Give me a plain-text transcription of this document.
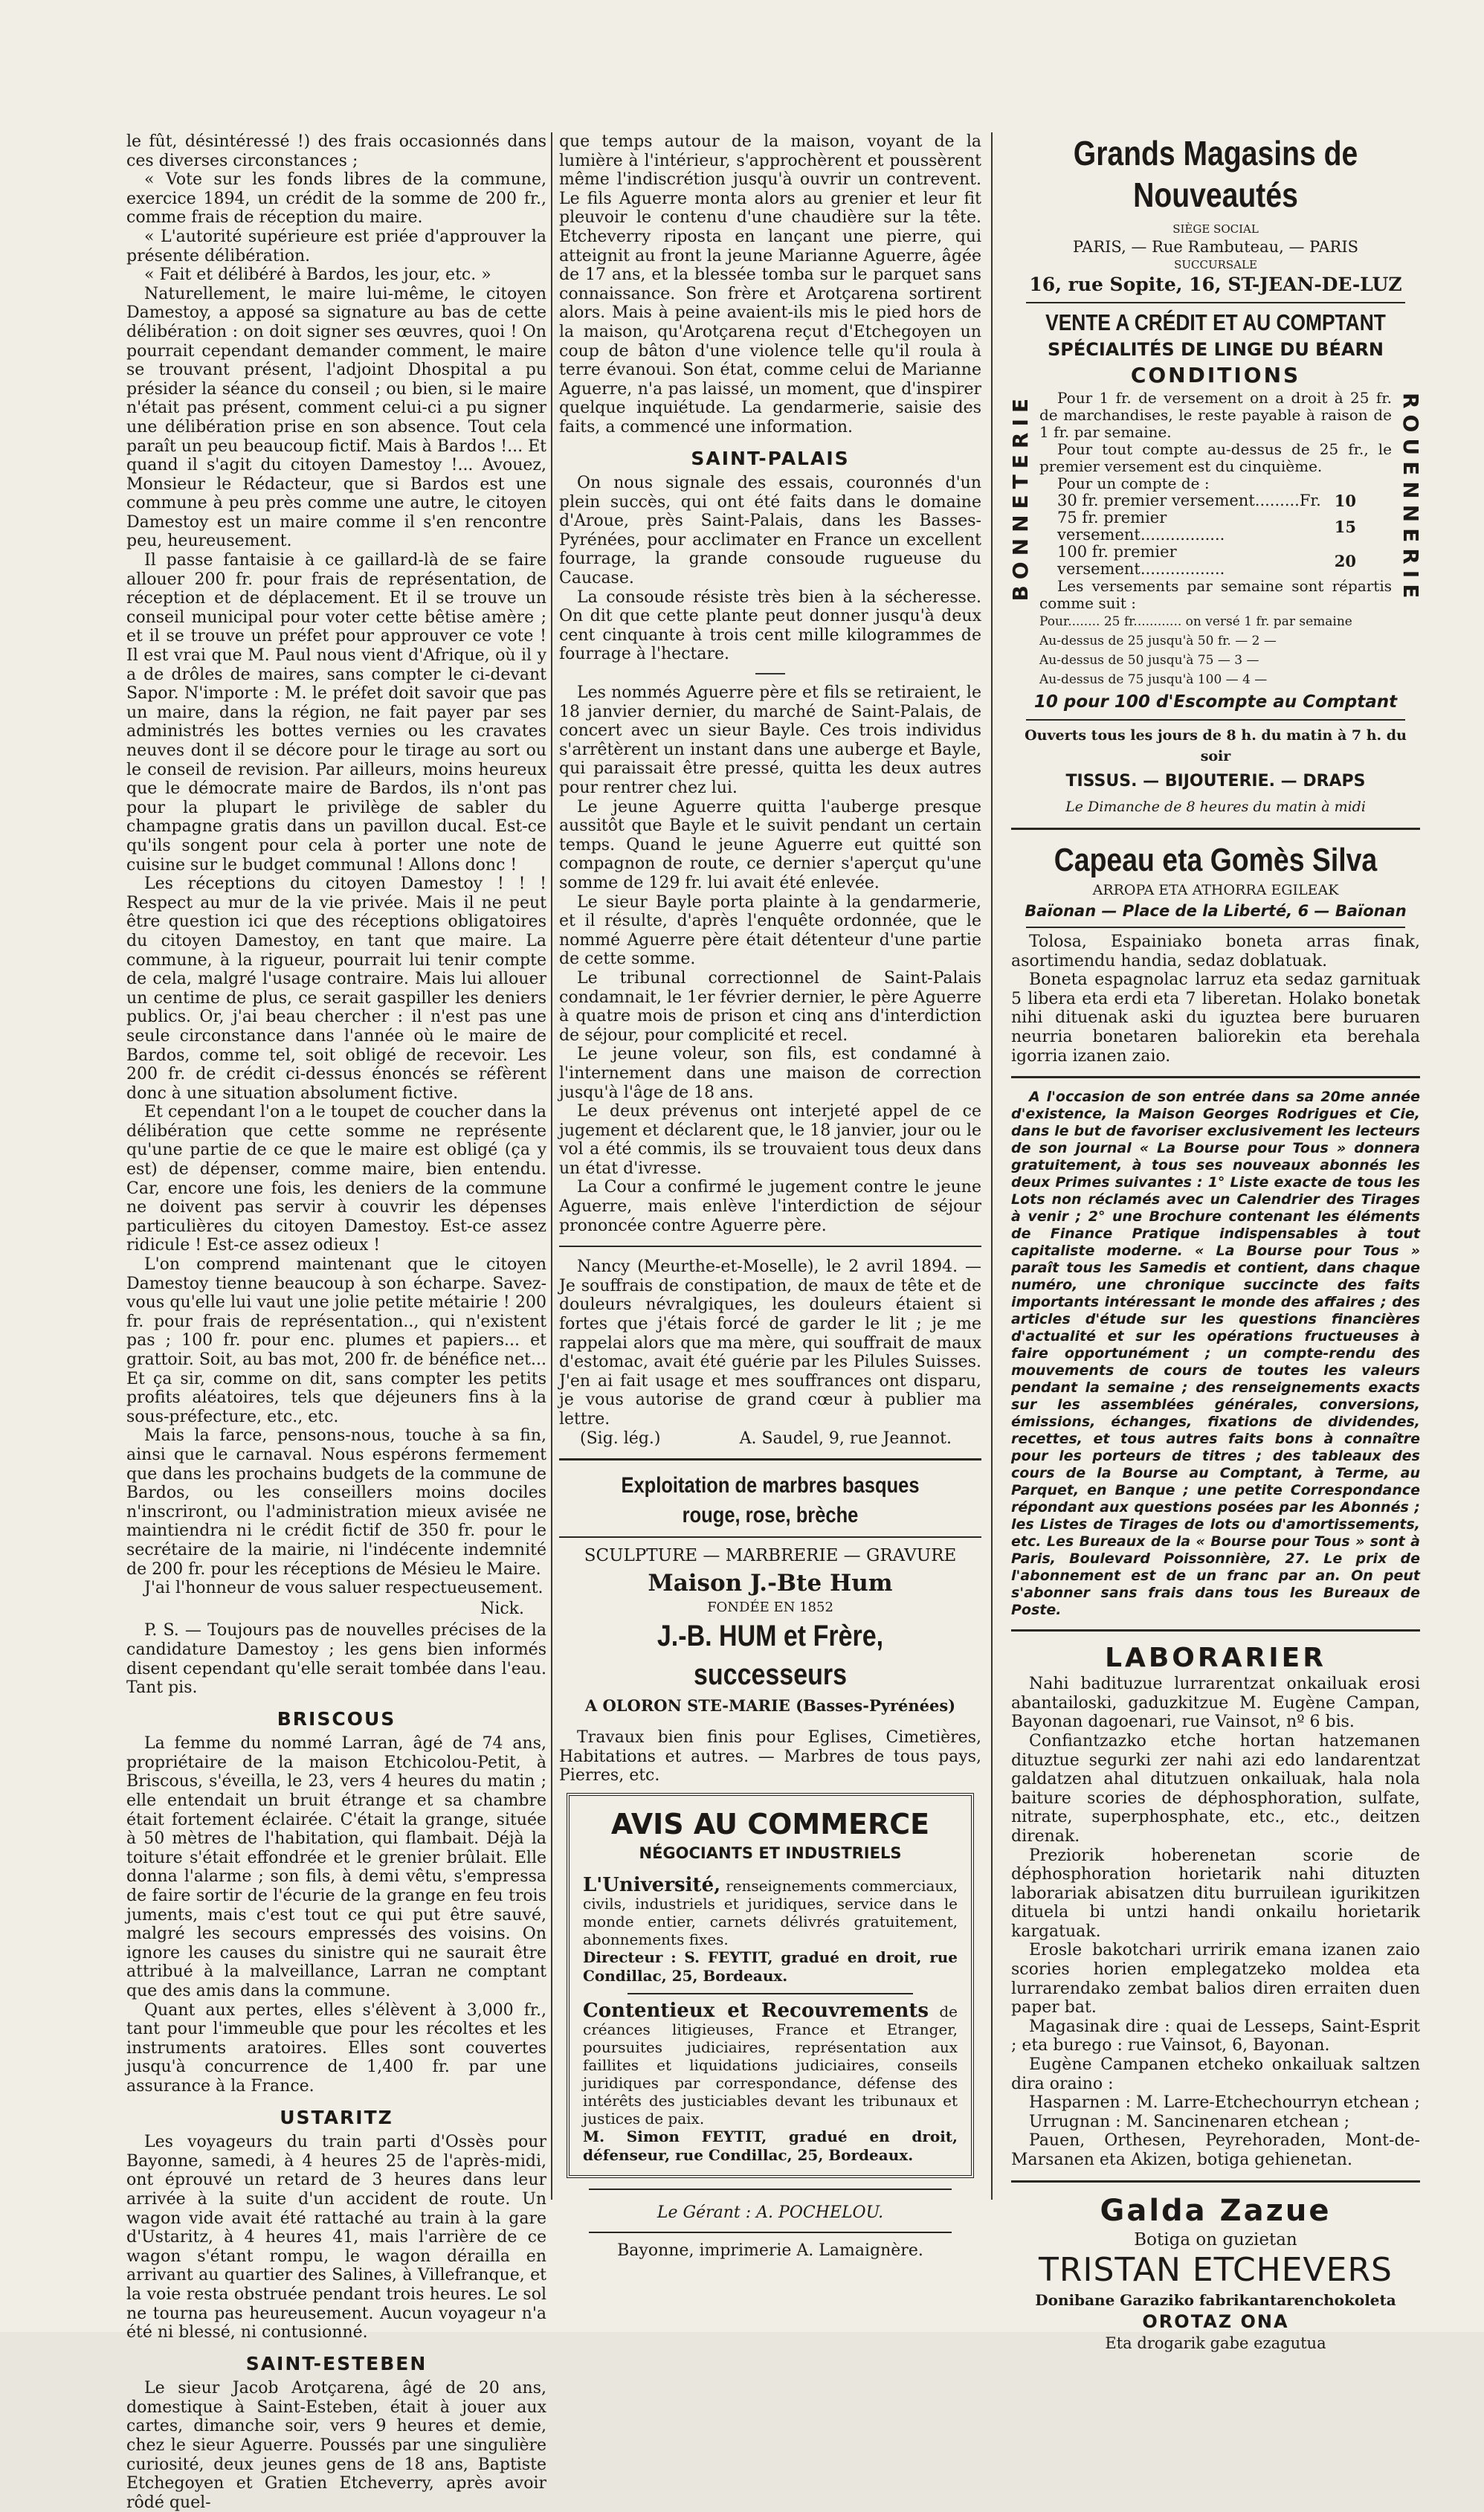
le fût, désintéressé !) des frais occasionnés dans ces diverses circonstances ;

« Vote sur les fonds libres de la commune, exercice 1894, un crédit de la somme de 200 fr., comme frais de réception du maire.

« L'autorité supérieure est priée d'approuver la présente délibération.

« Fait et délibéré à Bardos, les jour, etc. »

Naturellement, le maire lui-même, le citoyen Damestoy, a apposé sa signature au bas de cette délibération : on doit signer ses œuvres, quoi ! On pourrait cependant demander comment, le maire se trouvant présent, l'adjoint Dhospital a pu présider la séance du conseil ; ou bien, si le maire n'était pas présent, comment celui-ci a pu signer une délibération prise en son absence. Tout cela paraît un peu beaucoup fictif. Mais à Bardos !... Et quand il s'agit du citoyen Damestoy !... Avouez, Monsieur le Rédacteur, que si Bardos est une commune à peu près comme une autre, le citoyen Damestoy est un maire comme il s'en rencontre peu, heureusement.

Il passe fantaisie à ce gaillard-là de se faire allouer 200 fr. pour frais de représentation, de réception et de déplacement. Et il se trouve un conseil municipal pour voter cette bêtise amère ; et il se trouve un préfet pour approuver ce vote ! Il est vrai que M. Paul nous vient d'Afrique, où il y a de drôles de maires, sans compter le ci-devant Sapor. N'importe : M. le préfet doit savoir que pas un maire, dans la région, ne fait payer par ses administrés les bottes vernies ou les cravates neuves dont il se décore pour le tirage au sort ou le conseil de revision. Par ailleurs, moins heureux que le démocrate maire de Bardos, ils n'ont pas pour la plupart le privilège de sabler du champagne gratis dans un pavillon ducal. Est-ce qu'ils songent pour cela à porter une note de cuisine sur le budget communal ! Allons donc !

Les réceptions du citoyen Damestoy ! ! ! Respect au mur de la vie privée. Mais il ne peut être question ici que des réceptions obligatoires du citoyen Damestoy, en tant que maire. La commune, à la rigueur, pourrait lui tenir compte de cela, malgré l'usage contraire. Mais lui allouer un centime de plus, ce serait gaspiller les deniers publics. Or, j'ai beau chercher : il n'est pas une seule circonstance dans l'année où le maire de Bardos, comme tel, soit obligé de recevoir. Les 200 fr. de crédit ci-dessus énoncés se réfèrent donc à une situation absolument fictive.

Et cependant l'on a le toupet de coucher dans la délibération que cette somme ne représente qu'une partie de ce que le maire est obligé (ça y est) de dépenser, comme maire, bien entendu. Car, encore une fois, les deniers de la commune ne doivent pas servir à couvrir les dépenses particulières du citoyen Damestoy. Est-ce assez ridicule ! Est-ce assez odieux !

L'on comprend maintenant que le citoyen Damestoy tienne beaucoup à son écharpe. Savez-vous qu'elle lui vaut une jolie petite métairie ! 200 fr. pour frais de représentation.., qui n'existent pas ; 100 fr. pour enc. plumes et papiers... et grattoir. Soit, au bas mot, 200 fr. de bénéfice net... Et ça sir, comme on dit, sans compter les petits profits aléatoires, tels que déjeuners fins à la sous-préfecture, etc., etc.

Mais la farce, pensons-nous, touche à sa fin, ainsi que le carnaval. Nous espérons fermement que dans les prochains budgets de la commune de Bardos, ou les conseillers moins dociles n'inscriront, ou l'administration mieux avisée ne maintiendra ni le crédit fictif de 350 fr. pour le secrétaire de la mairie, ni l'indécente indemnité de 200 fr. pour les réceptions de Mésieu le Maire.

J'ai l'honneur de vous saluer respectueusement.

Nick.

P. S. — Toujours pas de nouvelles précises de la candidature Damestoy ; les gens bien informés disent cependant qu'elle serait tombée dans l'eau. Tant pis.

BRISCOUS

La femme du nommé Larran, âgé de 74 ans, propriétaire de la maison Etchicolou-Petit, à Briscous, s'éveilla, le 23, vers 4 heures du matin ; elle entendait un bruit étrange et sa chambre était fortement éclairée. C'était la grange, située à 50 mètres de l'habitation, qui flambait. Déjà la toiture s'était effondrée et le grenier brûlait. Elle donna l'alarme ; son fils, à demi vêtu, s'empressa de faire sortir de l'écurie de la grange en feu trois juments, mais c'est tout ce qui put être sauvé, malgré les secours empressés des voisins. On ignore les causes du sinistre qui ne saurait être attribué à la malveillance, Larran ne comptant que des amis dans la commune.

Quant aux pertes, elles s'élèvent à 3,000 fr., tant pour l'immeuble que pour les récoltes et les instruments aratoires. Elles sont couvertes jusqu'à concurrence de 1,400 fr. par une assurance à la France.

USTARITZ

Les voyageurs du train parti d'Ossès pour Bayonne, samedi, à 4 heures 25 de l'après-midi, ont éprouvé un retard de 3 heures dans leur arrivée à la suite d'un accident de route. Un wagon vide avait été rattaché au train à la gare d'Ustaritz, à 4 heures 41, mais l'arrière de ce wagon s'étant rompu, le wagon dérailla en arrivant au quartier des Salines, à Villefranque, et la voie resta obstruée pendant trois heures. Le sol ne tourna pas heureusement. Aucun voyageur n'a été ni blessé, ni contusionné.

SAINT-ESTEBEN

Le sieur Jacob Arotçarena, âgé de 20 ans, domestique à Saint-Esteben, était à jouer aux cartes, dimanche soir, vers 9 heures et demie, chez le sieur Aguerre. Poussés par une singulière curiosité, deux jeunes gens de 18 ans, Baptiste Etchegoyen et Gratien Etcheverry, après avoir rôdé quel-

que temps autour de la maison, voyant de la lumière à l'intérieur, s'approchèrent et poussèrent même l'indiscrétion jusqu'à ouvrir un contrevent. Le fils Aguerre monta alors au grenier et leur fit pleuvoir le contenu d'une chaudière sur la tête. Etcheverry riposta en lançant une pierre, qui atteignit au front la jeune Marianne Aguerre, âgée de 17 ans, et la blessée tomba sur le parquet sans connaissance. Son frère et Arotçarena sortirent alors. Mais à peine avaient-ils mis le pied hors de la maison, qu'Arotçarena reçut d'Etchegoyen un coup de bâton d'une violence telle qu'il roula à terre évanoui. Son état, comme celui de Marianne Aguerre, n'a pas laissé, un moment, que d'inspirer quelque inquiétude. La gendarmerie, saisie des faits, a commencé une information.

SAINT-PALAIS

On nous signale des essais, couronnés d'un plein succès, qui ont été faits dans le domaine d'Aroue, près Saint-Palais, dans les Basses-Pyrénées, pour acclimater en France un excellent fourrage, la grande consoude rugueuse du Caucase.

La consoude résiste très bien à la sécheresse. On dit que cette plante peut donner jusqu'à deux cent cinquante à trois cent mille kilogrammes de fourrage à l'hectare.

Les nommés Aguerre père et fils se retiraient, le 18 janvier dernier, du marché de Saint-Palais, de concert avec un sieur Bayle. Ces trois individus s'arrêtèrent un instant dans une auberge et Bayle, qui paraissait être pressé, quitta les deux autres pour rentrer chez lui.

Le jeune Aguerre quitta l'auberge presque aussitôt que Bayle et le suivit pendant un certain temps. Quand le jeune Aguerre eut quitté son compagnon de route, ce dernier s'aperçut qu'une somme de 129 fr. lui avait été enlevée.

Le sieur Bayle porta plainte à la gendarmerie, et il résulte, d'après l'enquête ordonnée, que le nommé Aguerre père était détenteur d'une partie de cette somme.

Le tribunal correctionnel de Saint-Palais condamnait, le 1er février dernier, le père Aguerre à quatre mois de prison et cinq ans d'interdiction de séjour, pour complicité et recel.

Le jeune voleur, son fils, est condamné à l'internement dans une maison de correction jusqu'à l'âge de 18 ans.

Le deux prévenus ont interjeté appel de ce jugement et déclarent que, le 18 janvier, jour ou le vol a été commis, ils se trouvaient tous deux dans un état d'ivresse.

La Cour a confirmé le jugement contre le jeune Aguerre, mais enlève l'interdiction de séjour prononcée contre Aguerre père.

Nancy (Meurthe-et-Moselle), le 2 avril 1894. — Je souffrais de constipation, de maux de tête et de douleurs névralgiques, les douleurs étaient si fortes que j'étais forcé de garder le lit ; je me rappelai alors que ma mère, qui souffrait de maux d'estomac, avait été guérie par les Pilules Suisses. J'en ai fait usage et mes souffrances ont disparu, je vous autorise de grand cœur à publier ma lettre.

(Sig. lég.)	A. Saudel, 9, rue Jeannot.
Exploitation de marbres basques rouge, rose, brèche
SCULPTURE — MARBRERIE — GRAVURE
Maison J.-Bte Hum
FONDÉE EN 1852
J.-B. HUM et Frère, successeurs
A OLORON STE-MARIE (Basses-Pyrénées)

Travaux bien finis pour Eglises, Cimetières, Habitations et autres. — Marbres de tous pays, Pierres, etc.

AVIS AU COMMERCE
NÉGOCIANTS ET INDUSTRIELS

L'Université, renseignements commerciaux, civils, industriels et juridiques, service dans le monde entier, carnets délivrés gratuitement, abonnements fixes.

Directeur : S. FEYTIT, gradué en droit, rue Condillac, 25, Bordeaux.

Contentieux et Recouvrements de créances litigieuses, France et Etranger, poursuites judiciaires, représentation aux faillites et liquidations judiciaires, conseils juridiques par correspondance, défense des intérêts des justiciables devant les tribunaux et justices de paix.

M. Simon FEYTIT, gradué en droit, défenseur, rue Condillac, 25, Bordeaux.

Le Gérant : A. POCHELOU.
Bayonne, imprimerie A. Lamaignère.
Grands Magasins de Nouveautés
SIÈGE SOCIAL
PARIS, — Rue Rambuteau, — PARIS
SUCCURSALE
16, rue Sopite, 16, ST-JEAN-DE-LUZ
VENTE A CRÉDIT ET AU COMPTANT
SPÉCIALITÉS DE LINGE DU BÉARN
CONDITIONS
BONNETERIE	ROUENNERIE

Pour 1 fr. de versement on a droit à 25 fr. de marchandises, le reste payable à raison de 1 fr. par semaine.

Pour tout compte au-dessus de 25 fr., le premier versement est du cinquième.

Pour un compte de :

30 fr. premier versement.........Fr.	10
75 fr. premier versement.................	15
100 fr. premier versement.................	20

Les versements par semaine sont répartis comme suit :

Pour........ 25 fr............ on versé 1 fr. par semaine
Au-dessus de 25 jusqu'à 50 fr. — 2 —
Au-dessus de 50 jusqu'à 75 — 3 —
Au-dessus de 75 jusqu'à 100 — 4 —
10 pour 100 d'Escompte au Comptant
Ouverts tous les jours de 8 h. du matin à 7 h. du soir
TISSUS. — BIJOUTERIE. — DRAPS
Le Dimanche de 8 heures du matin à midi
Capeau eta Gomès Silva
ARROPA ETA ATHORRA EGILEAK
Baïonan — Place de la Liberté, 6 — Baïonan

Tolosa, Espainiako boneta arras finak, asortimendu handia, sedaz doblatuak.

Boneta espagnolac larruz eta sedaz garnituak 5 libera eta erdi eta 7 liberetan. Holako bonetak nihi dituenak aski du iguztea bere buruaren neurria bonetaren baliorekin eta berehala igorria izanen zaio.

A l'occasion de son entrée dans sa 20me année d'existence, la Maison Georges Rodrigues et Cie, dans le but de favoriser exclusivement les lecteurs de son journal « La Bourse pour Tous » donnera gratuitement, à tous ses nouveaux abonnés les deux Primes suivantes : 1° Liste exacte de tous les Lots non réclamés avec un Calendrier des Tirages à venir ; 2° une Brochure contenant les éléments de Finance Pratique indispensables à tout capitaliste moderne. « La Bourse pour Tous » paraît tous les Samedis et contient, dans chaque numéro, une chronique succincte des faits importants intéressant le monde des affaires ; des articles d'étude sur les questions financières d'actualité et sur les opérations fructueuses à faire opportunément ; un compte-rendu des mouvements de cours de toutes les valeurs pendant la semaine ; des renseignements exacts sur les assemblées générales, conversions, émissions, échanges, fixations de dividendes, recettes, et tous autres faits bons à connaître pour les porteurs de titres ; des tableaux des cours de la Bourse au Comptant, à Terme, au Parquet, en Banque ; une petite Correspondance répondant aux questions posées par les Abonnés ; les Listes de Tirages de lots ou d'amortissements, etc. Les Bureaux de la « Bourse pour Tous » sont à Paris, Boulevard Poissonnière, 27. Le prix de l'abonnement est de un franc par an. On peut s'abonner sans frais dans tous les Bureaux de Poste.

LABORARIER

Nahi badituzue lurrarentzat onkailuak erosi abantailoski, gaduzkitzue M. Eugène Campan, Bayonan dagoenari, rue Vainsot, nº 6 bis.

Confiantzazko etche hortan hatzemanen dituztue segurki zer nahi azi edo landarentzat galdatzen ahal ditutzuen onkailuak, hala nola baiture scories de déphosphoration, sulfate, nitrate, superphosphate, etc., etc., deitzen direnak.

Preziorik hoberenetan scorie de déphosphoration horietarik nahi dituzten laborariak abisatzen ditu burruilean igurikitzen dituela bi untzi handi onkailu horietarik kargatuak.

Erosle bakotchari urririk emana izanen zaio scories horien emplegatzeko moldea eta lurrarendako zembat balios diren erraiten duen paper bat.

Magasinak dire : quai de Lesseps, Saint-Esprit ; eta burego : rue Vainsot, 6, Bayonan.

Eugène Campanen etcheko onkailuak saltzen dira oraino :

Hasparnen : M. Larre-Etchechourryn etchean ;

Urrugnan : M. Sancinenaren etchean ;

Pauen, Orthesen, Peyrehoraden, Mont-de-Marsanen eta Akizen, botiga gehienetan.

Galda Zazue
Botiga on guzietan
TRISTAN ETCHEVERS
Donibane Garaziko fabrikantarenchokoleta
OROTAZ ONA
Eta drogarik gabe ezagutua
